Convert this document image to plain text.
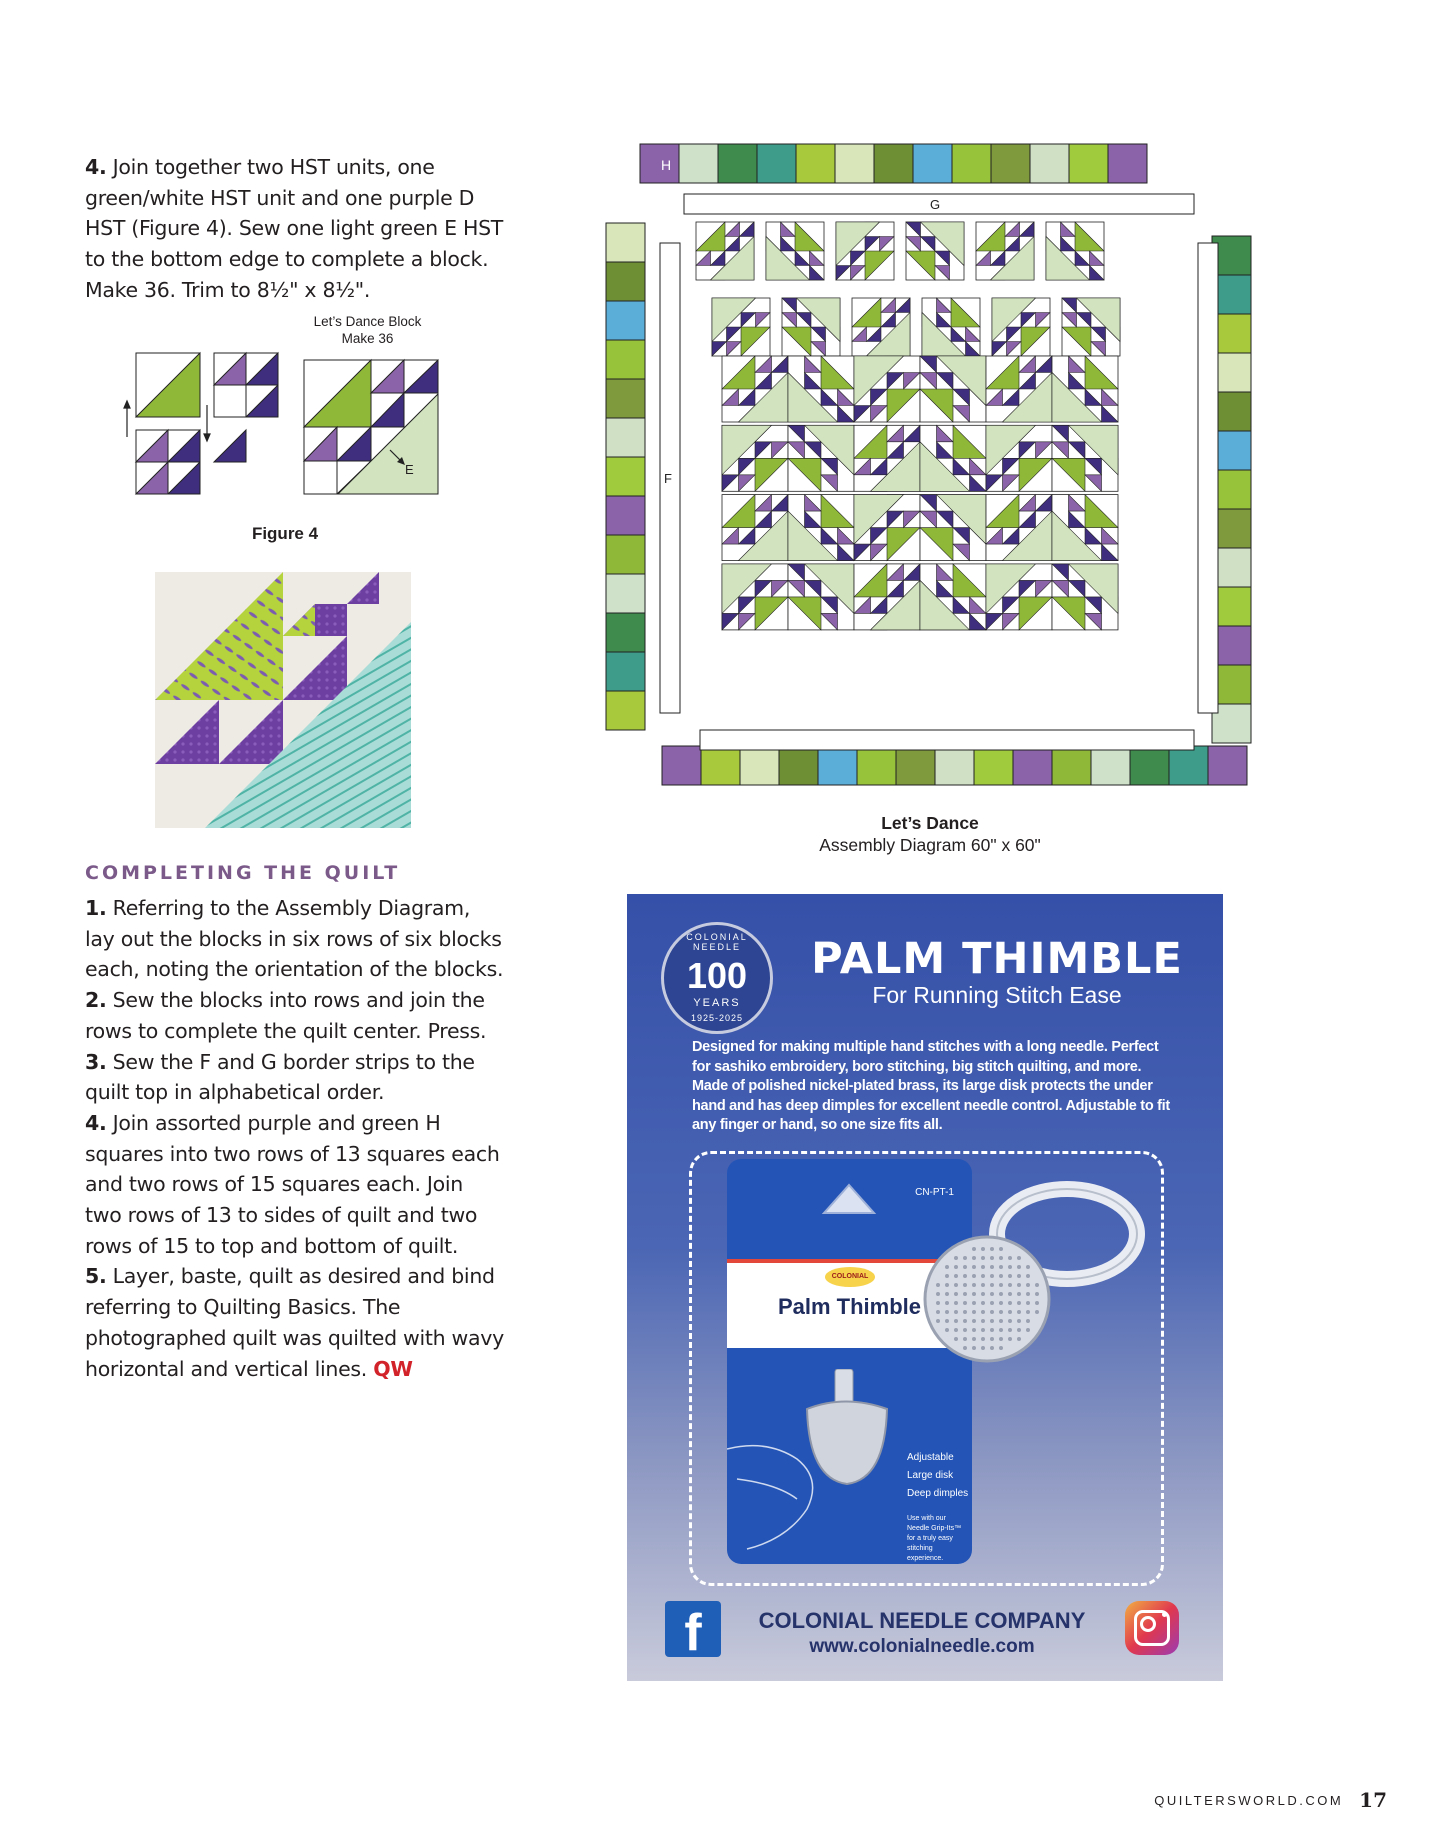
4. Join together two HST units, one green/white HST unit and one purple D HST (Figure 4). Sew one light green E HST to the bottom edge to complete a block. Make 36. Trim to 8½" x 8½".

Let’s Dance Block
Make 36
E
Figure 4
COMPLETING THE QUILT

1. Referring to the Assembly Diagram, lay out the blocks in six rows of six blocks each, noting the orientation of the blocks.

2. Sew the blocks into rows and join the rows to complete the quilt center. Press.

3. Sew the F and G border strips to the quilt top in alphabetical order.

4. Join assorted purple and green H squares into two rows of 13 squares each and two rows of 15 squares each. Join two rows of 13 to sides of quilt and two rows of 15 to top and bottom of quilt.

5. Layer, baste, quilt as desired and bind referring to Quilting Basics. The photographed quilt was quilted with wavy horizontal and vertical lines. QW

H
G
F
Let’s Dance
Assembly Diagram 60" x 60"
COLONIAL NEEDLE
100
YEARS
1925-2025
PALM THIMBLE
For Running Stitch Ease
Designed for making multiple hand stitches with a long needle. Perfect for sashiko embroidery, boro stitching, big stitch quilting, and more. Made of polished nickel-plated brass, its large disk protects the under hand and has deep dimples for excellent needle control. Adjustable to fit any finger or hand, so one size fits all.
CN-PT-1
COLONIAL
Palm Thimble
Adjustable
Large disk
Deep dimples
Use with our Needle Grip-Its™ for a truly easy stitching experience.
f	COLONIAL NEEDLE COMPANY
www.colonialneedle.com
QUILTERSWORLD.COM 17
